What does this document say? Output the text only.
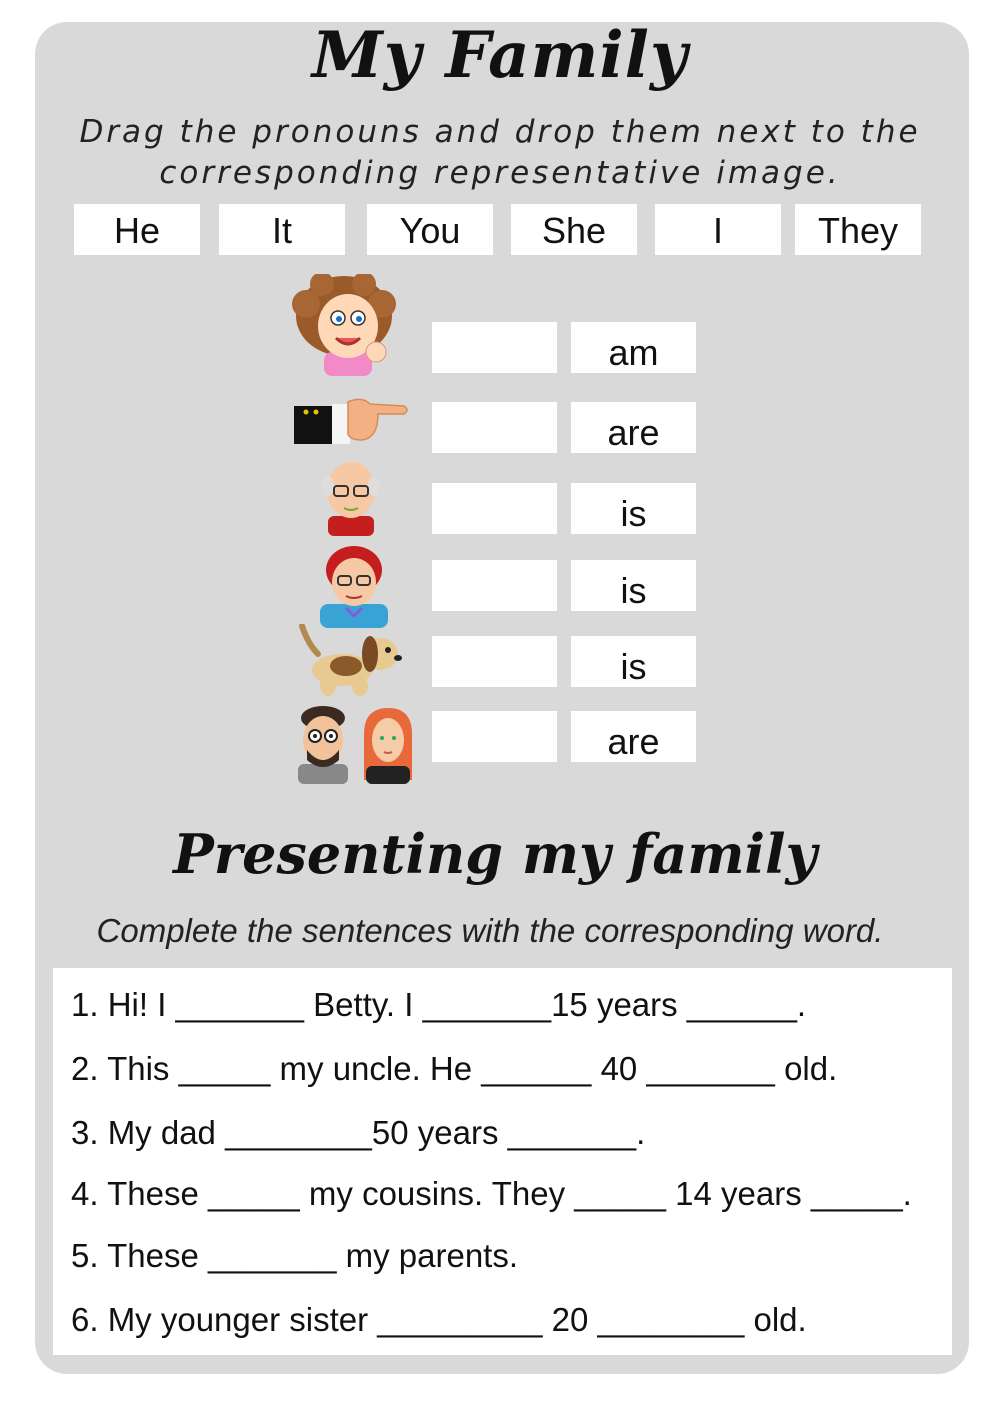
My Family
Drag the pronouns and drop them next to the
corresponding representative image.
He	It	You	She	I	They
am
are
is
is
is
are
Presenting my family
Complete the sentences with the corresponding word.
1. Hi! I _______ Betty. I _______15 years ______.
2. This _____ my uncle. He ______ 40 _______ old.
3. My dad ________50 years _______.
4. These _____ my cousins. They _____ 14 years _____.
5. These _______ my parents.
6. My younger sister _________ 20 ________ old.
